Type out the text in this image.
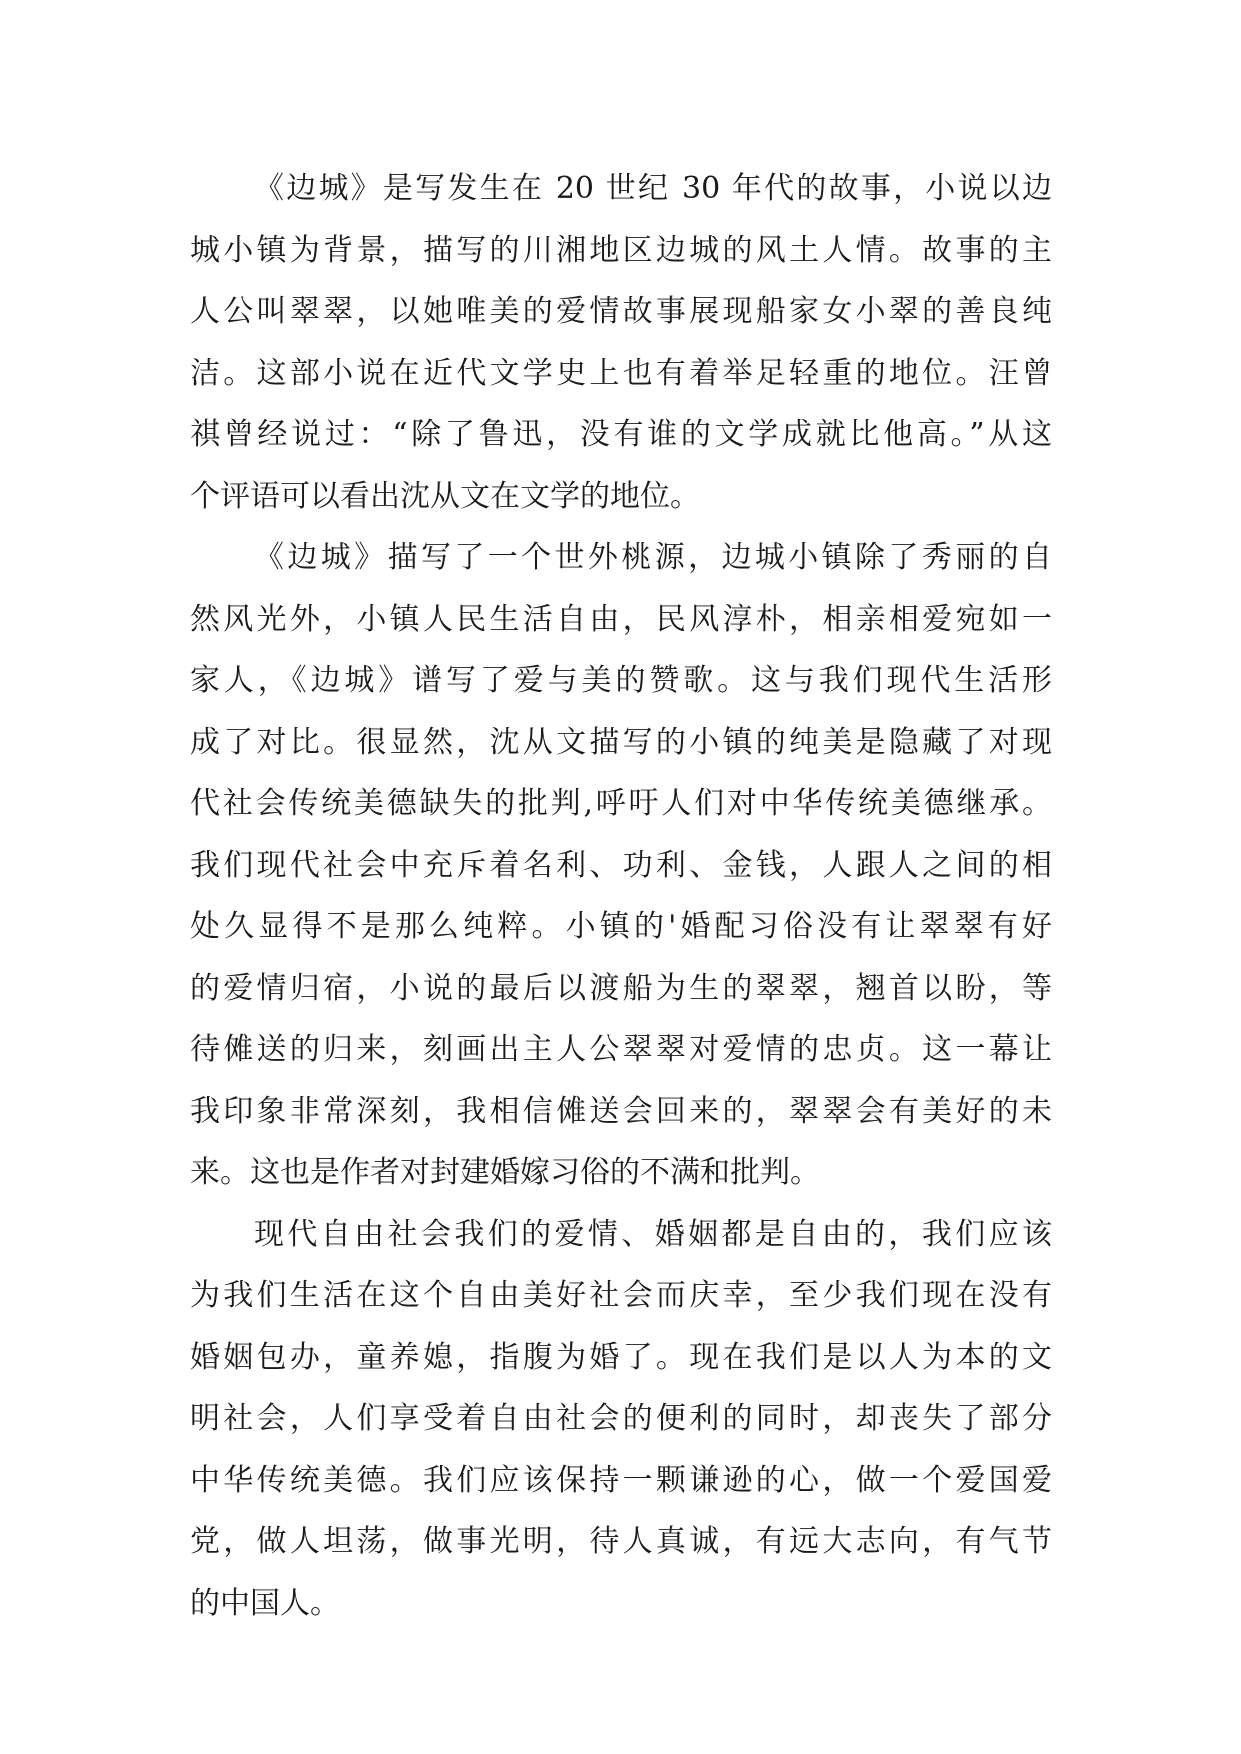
《边城》是写发生在 20 世纪 30 年代的故事，小说以边
城小镇为背景，描写的川湘地区边城的风土人情。故事的主
人公叫翠翠，以她唯美的爱情故事展现船家女小翠的善良纯
洁。这部小说在近代文学史上也有着举足轻重的地位。汪曾
祺曾经说过：“除了鲁迅，没有谁的文学成就比他高。”从这
个评语可以看出沈从文在文学的地位。
《边城》描写了一个世外桃源，边城小镇除了秀丽的自
然风光外，小镇人民生活自由，民风淳朴，相亲相爱宛如一
家人，《边城》谱写了爱与美的赞歌。这与我们现代生活形
成了对比。很显然，沈从文描写的小镇的纯美是隐藏了对现
代社会传统美德缺失的批判,呼吁人们对中华传统美德继承。
我们现代社会中充斥着名利、功利、金钱，人跟人之间的相
处久显得不是那么纯粹。小镇的'婚配习俗没有让翠翠有好
的爱情归宿，小说的最后以渡船为生的翠翠，翘首以盼，等
待傩送的归来，刻画出主人公翠翠对爱情的忠贞。这一幕让
我印象非常深刻，我相信傩送会回来的，翠翠会有美好的未
来。这也是作者对封建婚嫁习俗的不满和批判。
现代自由社会我们的爱情、婚姻都是自由的，我们应该
为我们生活在这个自由美好社会而庆幸，至少我们现在没有
婚姻包办，童养媳，指腹为婚了。现在我们是以人为本的文
明社会，人们享受着自由社会的便利的同时，却丧失了部分
中华传统美德。我们应该保持一颗谦逊的心，做一个爱国爱
党，做人坦荡，做事光明，待人真诚，有远大志向，有气节
的中国人。
